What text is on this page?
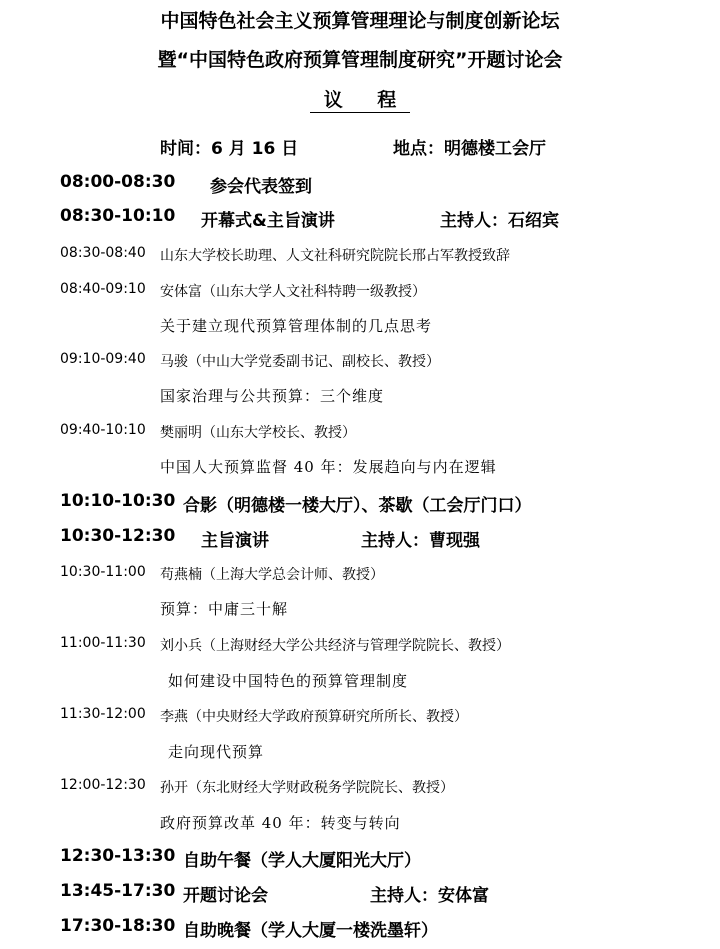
中国特色社会主义预算管理理论与制度创新论坛
暨“中国特色政府预算管理制度研究”开题讨论会
议 程
时间：6 月 16 日	地点：明德楼工会厅
08:00-08:30 参会代表签到
08:30-10:10 开幕式&主旨演讲	主持人：石绍宾
08:30-08:40 山东大学校长助理、人文社科研究院院长邢占军教授致辞
08:40-09:10 安体富（山东大学人文社科特聘一级教授）
关于建立现代预算管理体制的几点思考
09:10-09:40 马骏（中山大学党委副书记、副校长、教授）
国家治理与公共预算：三个维度
09:40-10:10 樊丽明（山东大学校长、教授）
中国人大预算监督 40 年：发展趋向与内在逻辑
10:10-10:30 合影（明德楼一楼大厅）、茶歇（工会厅门口）
10:30-12:30 主旨演讲	主持人：曹现强
10:30-11:00 苟燕楠（上海大学总会计师、教授）
预算：中庸三十解
11:00-11:30 刘小兵（上海财经大学公共经济与管理学院院长、教授）
如何建设中国特色的预算管理制度
11:30-12:00 李燕（中央财经大学政府预算研究所所长、教授）
走向现代预算
12:00-12:30 孙开（东北财经大学财政税务学院院长、教授）
政府预算改革 40 年：转变与转向
12:30-13:30 自助午餐（学人大厦阳光大厅）
13:45-17:30 开题讨论会	主持人：安体富
17:30-18:30 自助晚餐（学人大厦一楼洗墨轩）
